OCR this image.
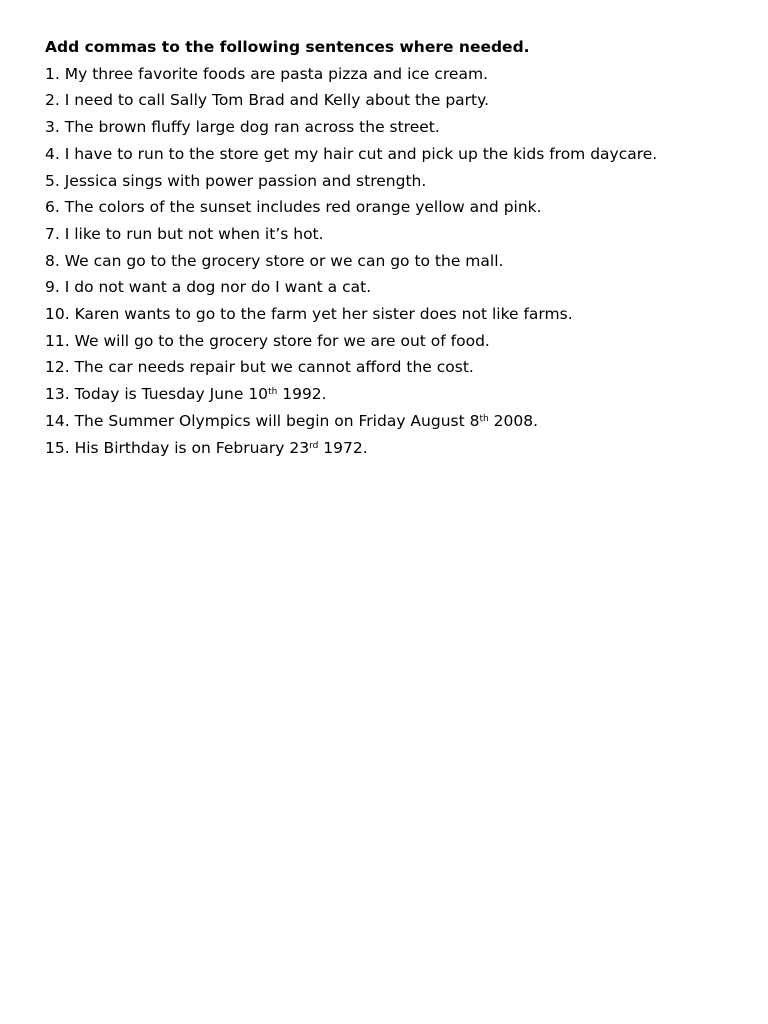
Add commas to the following sentences where needed.

1. My three favorite foods are pasta pizza and ice cream.
2. I need to call Sally Tom Brad and Kelly about the party.
3. The brown fluffy large dog ran across the street.
4. I have to run to the store get my hair cut and pick up the kids from daycare.
5. Jessica sings with power passion and strength.
6. The colors of the sunset includes red orange yellow and pink.
7. I like to run but not when it’s hot.
8. We can go to the grocery store or we can go to the mall.
9. I do not want a dog nor do I want a cat.
10. Karen wants to go to the farm yet her sister does not like farms.
11. We will go to the grocery store for we are out of food.
12. The car needs repair but we cannot afford the cost.
13. Today is Tuesday June 10th 1992.
14. The Summer Olympics will begin on Friday August 8th 2008.
15. His Birthday is on February 23rd 1972.
